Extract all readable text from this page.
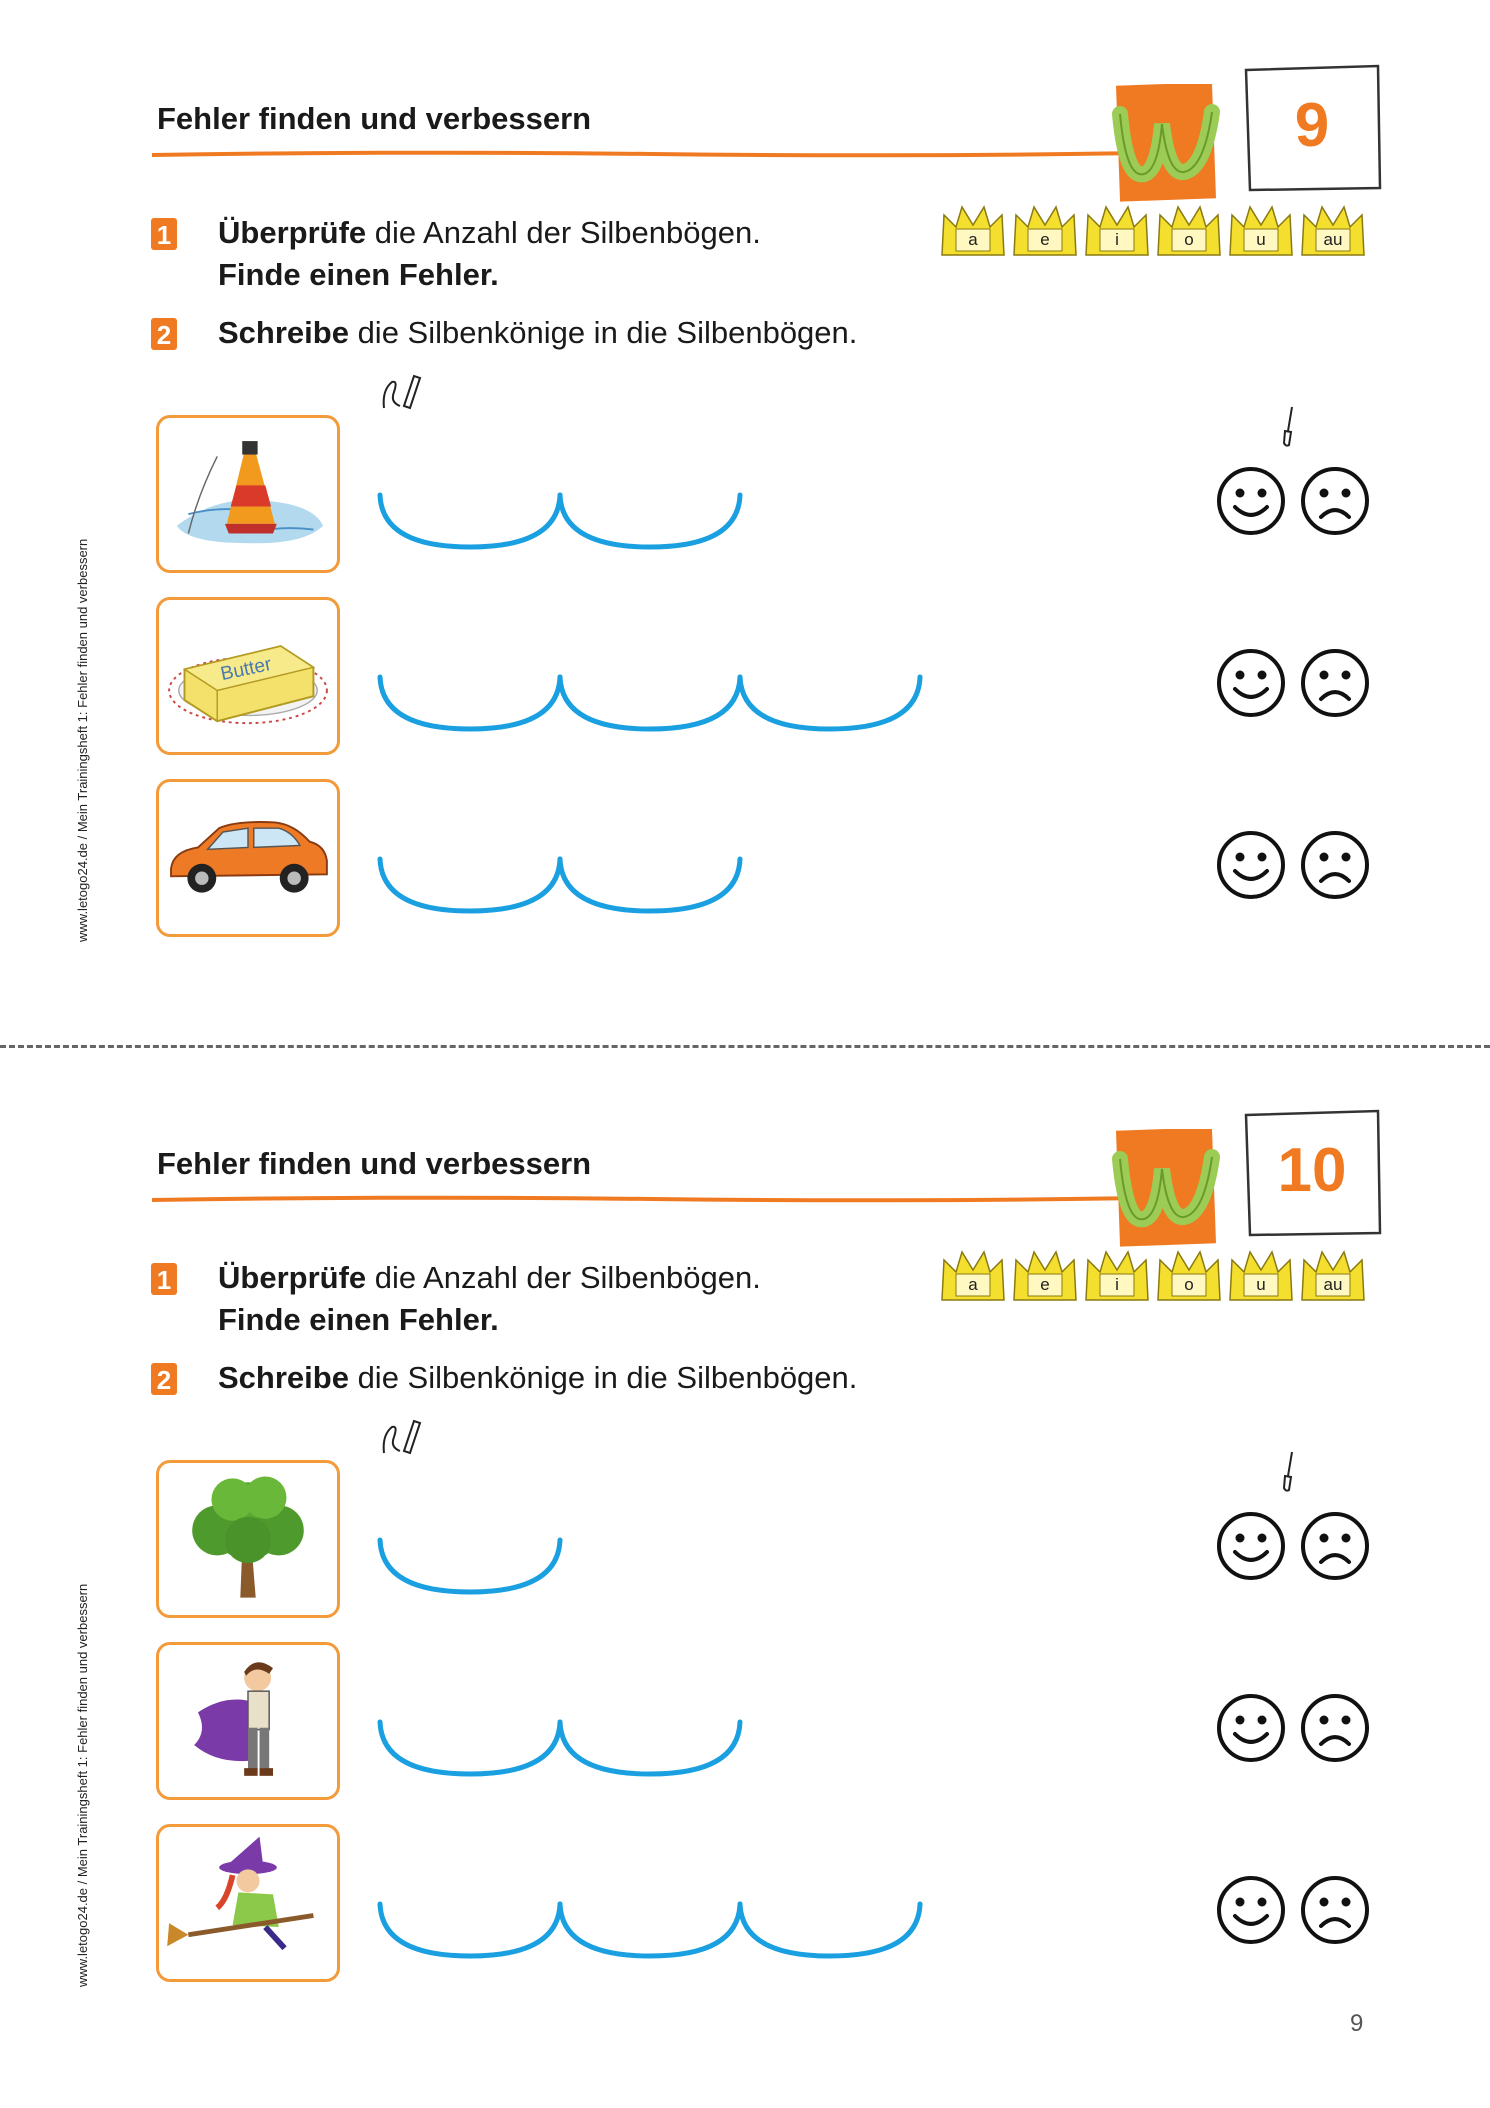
www.letogo24.de / Mein Trainingsheft 1: Fehler finden und verbessern
Fehler finden und verbessern	9
1 Überprüfe die Anzahl der Silbenbögen.
Finde einen Fehler.
2 Schreibe die Silbenkönige in die Silbenbögen.
a	e	i	o	u	au
Butter
www.letogo24.de / Mein Trainingsheft 1: Fehler finden und verbessern
Fehler finden und verbessern	10
1 Überprüfe die Anzahl der Silbenbögen.
Finde einen Fehler.
2 Schreibe die Silbenkönige in die Silbenbögen.
a	e	i	o	u	au
9
